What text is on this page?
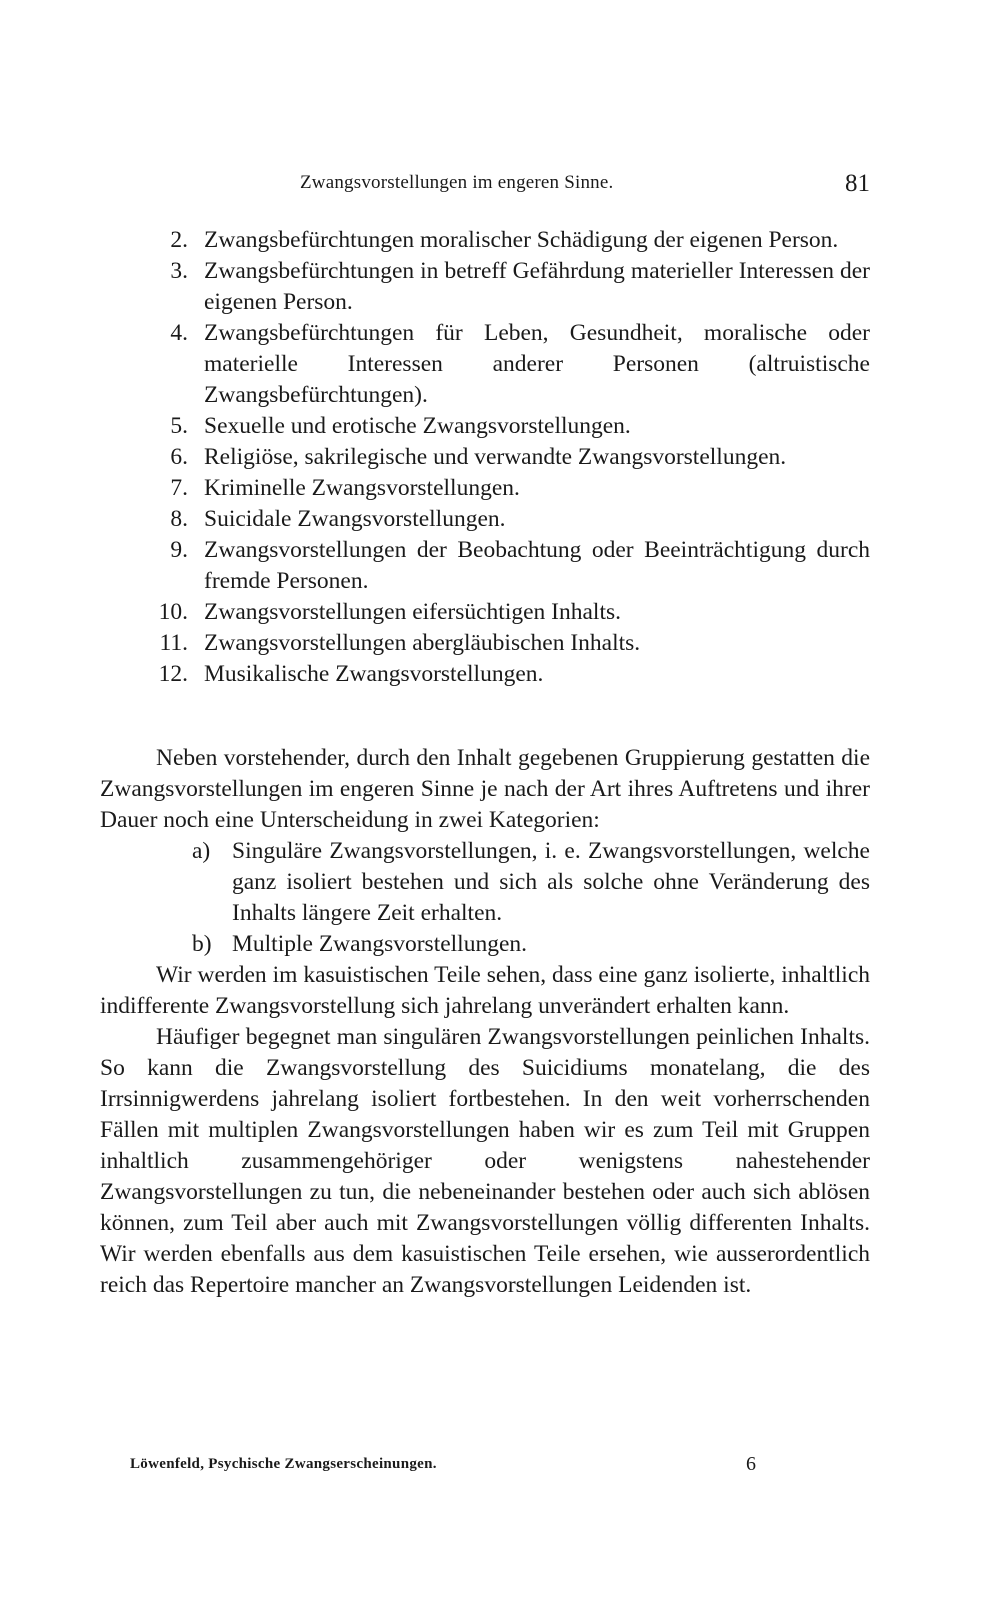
Zwangsvorstellungen im engeren Sinne.	81
2. Zwangsbefürchtungen moralischer Schädigung der eigenen Person.
3. Zwangsbefürchtungen in betreff Gefährdung materieller Interessen der eigenen Person.
4. Zwangsbefürchtungen für Leben, Gesundheit, moralische oder materielle Interessen anderer Personen (altruistische Zwangsbefürchtungen).
5. Sexuelle und erotische Zwangsvorstellungen.
6. Religiöse, sakrilegische und verwandte Zwangsvorstellungen.
7. Kriminelle Zwangsvorstellungen.
8. Suicidale Zwangsvorstellungen.
9. Zwangsvorstellungen der Beobachtung oder Beeinträchtigung durch fremde Personen.
10. Zwangsvorstellungen eifersüchtigen Inhalts.
11. Zwangsvorstellungen abergläubischen Inhalts.
12. Musikalische Zwangsvorstellungen.

Neben vorstehender, durch den Inhalt gegebenen Gruppierung gestatten die Zwangsvorstellungen im engeren Sinne je nach der Art ihres Auftretens und ihrer Dauer noch eine Unterscheidung in zwei Kategorien:

a) Singuläre Zwangsvorstellungen, i. e. Zwangsvorstellungen, welche ganz isoliert bestehen und sich als solche ohne Veränderung des Inhalts längere Zeit erhalten.
b) Multiple Zwangsvorstellungen.

Wir werden im kasuistischen Teile sehen, dass eine ganz isolierte, inhaltlich indifferente Zwangsvorstellung sich jahrelang unverändert erhalten kann.

Häufiger begegnet man singulären Zwangsvorstellungen peinlichen Inhalts. So kann die Zwangsvorstellung des Suicidiums monatelang, die des Irrsinnigwerdens jahrelang isoliert fortbestehen. In den weit vorherrschenden Fällen mit multiplen Zwangsvorstellungen haben wir es zum Teil mit Gruppen inhaltlich zusammengehöriger oder wenigstens nahestehender Zwangsvorstellungen zu tun, die nebeneinander bestehen oder auch sich ablösen können, zum Teil aber auch mit Zwangsvorstellungen völlig differenten Inhalts. Wir werden ebenfalls aus dem kasuistischen Teile ersehen, wie ausserordentlich reich das Repertoire mancher an Zwangsvorstellungen Leidenden ist.

Löwenfeld, Psychische Zwangserscheinungen.	6
